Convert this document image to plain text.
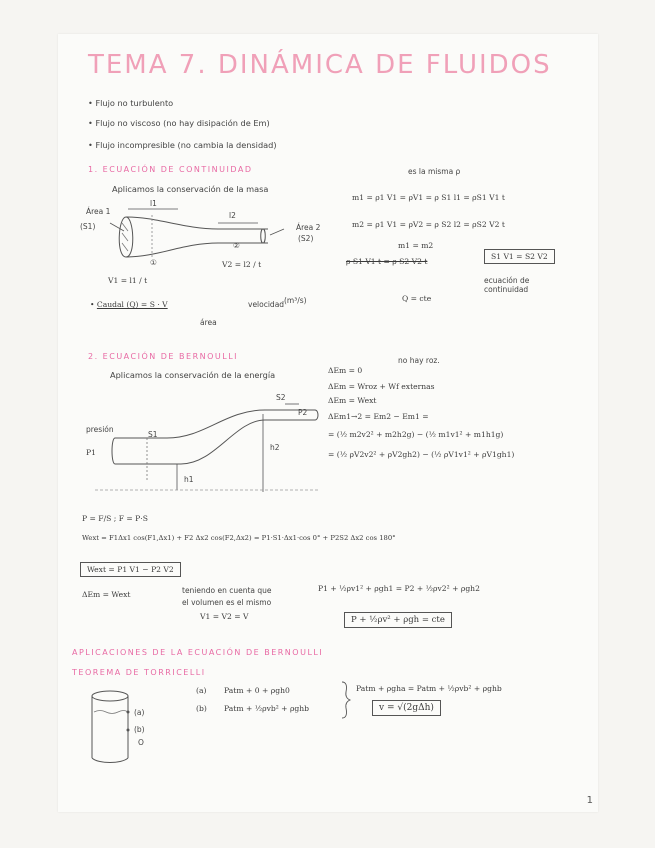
TEMA 7. DINÁMICA DE FLUIDOS
• Flujo no turbulento
• Flujo no viscoso (no hay disipación de Em)
• Flujo incompresible (no cambia la densidad)
1. ECUACIÓN DE CONTINUIDAD
Aplicamos la conservación de la masa
Área 1
(S1)
l1
l2
Área 2
(S2)
①
②
V1 = l1 / t
V2 = l2 / t
es la misma ρ
m1 = ρ1 V1 = ρV1 = ρ S1 l1 = ρS1 V1 t
m2 = ρ1 V1 = ρV2 = ρ S2 l2 = ρS2 V2 t
m1 = m2
ρ S1 V1 t = ρ S2 V2 t
S1 V1 = S2 V2
ecuación de continuidad
Q = cte
• Caudal (Q) = S · V	velocidad (m³/s)
área
2. ECUACIÓN DE BERNOULLI
Aplicamos la conservación de la energía
presión
P1
S1
h1
S2
P2
h2
ΔEm = 0
no hay roz.
ΔEm = Wroz + Wf externas
ΔEm = Wext
ΔEm1→2 = Em2 − Em1 =
= (½ m2v2² + m2h2g) − (½ m1v1² + m1h1g)
= (½ ρV2v2² + ρV2gh2) − (½ ρV1v1² + ρV1gh1)
P = F/S ; F = P·S
Wext = F1Δx1 cos(F1,Δx1) + F2 Δx2 cos(F2,Δx2) = P1·S1·Δx1·cos 0° + P2S2 Δx2 cos 180°
Wext = P1 V1 − P2 V2
ΔEm = Wext	teniendo en cuenta que
el volumen es el mismo
V1 = V2 = V
P1 + ½ρv1² + ρgh1 = P2 + ½ρv2² + ρgh2
P + ½ρv² + ρgh = cte
APLICACIONES DE LA ECUACIÓN DE BERNOULLI
TEOREMA DE TORRICELLI
(a)
(b)
O
(a) Patm + 0 + ρgh0
(b) Patm + ½ρvb² + ρghb
Patm + ρgha = Patm + ½ρvb² + ρghb
v = √(2gΔh)
1
